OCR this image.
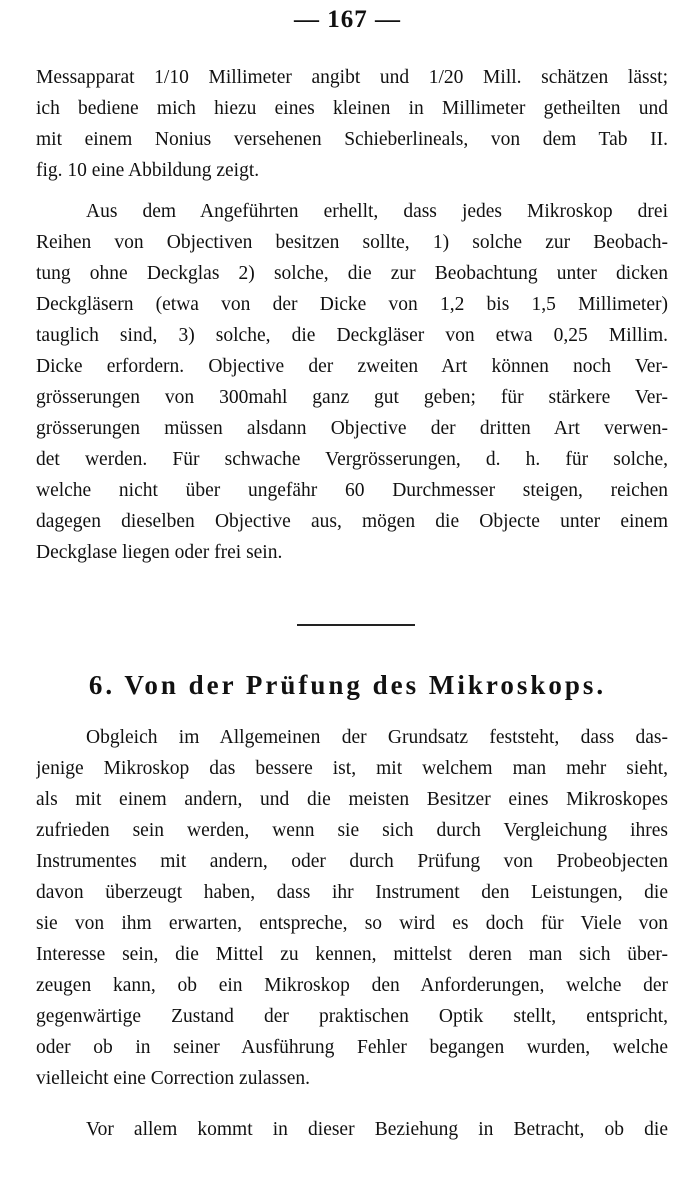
— 167 —
Messapparat 1/10 Millimeter angibt und 1/20 Mill. schätzen lässt;
ich bediene mich hiezu eines kleinen in Millimeter getheilten und
mit einem Nonius versehenen Schieberlineals, von dem Tab II.
fig. 10 eine Abbildung zeigt.
Aus dem Angeführten erhellt, dass jedes Mikroskop drei
Reihen von Objectiven besitzen sollte, 1) solche zur Beobach-
tung ohne Deckglas 2) solche, die zur Beobachtung unter dicken
Deckgläsern (etwa von der Dicke von 1,2 bis 1,5 Millimeter)
tauglich sind, 3) solche, die Deckgläser von etwa 0,25 Millim.
Dicke erfordern. Objective der zweiten Art können noch Ver-
grösserungen von 300mahl ganz gut geben; für stärkere Ver-
grösserungen müssen alsdann Objective der dritten Art verwen-
det werden. Für schwache Vergrösserungen, d. h. für solche,
welche nicht über ungefähr 60 Durchmesser steigen, reichen
dagegen dieselben Objective aus, mögen die Objecte unter einem
Deckglase liegen oder frei sein.
6. Von der Prüfung des Mikroskops.
Obgleich im Allgemeinen der Grundsatz feststeht, dass das-
jenige Mikroskop das bessere ist, mit welchem man mehr sieht,
als mit einem andern, und die meisten Besitzer eines Mikroskopes
zufrieden sein werden, wenn sie sich durch Vergleichung ihres
Instrumentes mit andern, oder durch Prüfung von Probeobjecten
davon überzeugt haben, dass ihr Instrument den Leistungen, die
sie von ihm erwarten, entspreche, so wird es doch für Viele von
Interesse sein, die Mittel zu kennen, mittelst deren man sich über-
zeugen kann, ob ein Mikroskop den Anforderungen, welche der
gegenwärtige Zustand der praktischen Optik stellt, entspricht,
oder ob in seiner Ausführung Fehler begangen wurden, welche
vielleicht eine Correction zulassen.
Vor allem kommt in dieser Beziehung in Betracht, ob die
